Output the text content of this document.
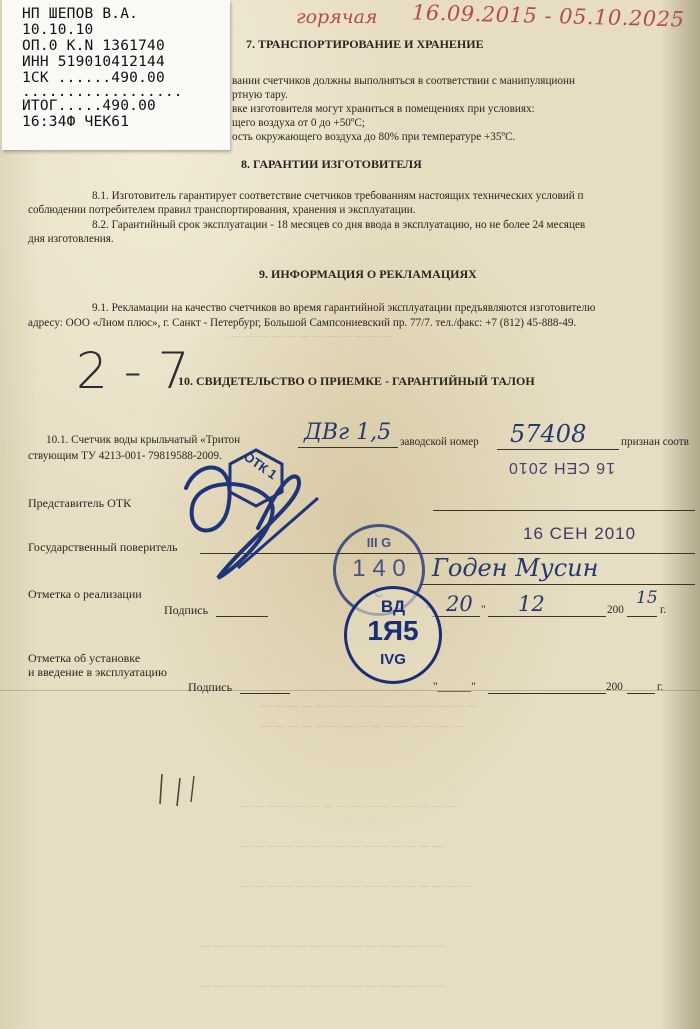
— — — — — — — — — — — —
— — — — — — — — — — — — — — — —
— — — — — — — — — — — — — — —
— — — — — — — — — — — — — — — —
— — — — — — — — — — — — — — —
— — — — — — — — — — — — — — — — —
— — — — — — — — — — — — — — — — — —
— — — — — — — — — — — — — — — — — —
горячая 16.09.2015 - 05.10.2025
7. ТРАНСПОРТИРОВАНИЕ И ХРАНЕНИЕ
вании счетчиков должны выполняться в соответствии с манипуляционн
ртную тару.
вке изготовителя могут храниться в помещениях при условиях:
щего воздуха от 0 до +50ºС;
ость окружающего воздуха до 80% при температуре +35ºС.
8. ГАРАНТИИ ИЗГОТОВИТЕЛЯ
8.1. Изготовитель гарантирует соответствие счетчиков требованиям настоящих технических условий п
соблюдении потребителем правил транспортирования, хранения и эксплуатации.
8.2. Гарантийный срок эксплуатации - 18 месяцев со дня ввода в эксплуатацию, но не более 24 месяцев
дня изготовления.
9. ИНФОРМАЦИЯ О РЕКЛАМАЦИЯХ
9.1. Рекламации на качество счетчиков во время гарантийной эксплуатации предъявляются изготовителю
адресу: ООО «Лиом плюс», г. Санкт - Петербург, Большой Сампсониевский пр. 77/7. тел./факс: +7 (812) 45-888-49.
10. СВИДЕТЕЛЬСТВО О ПРИЕМКЕ - ГАРАНТИЙНЫЙ ТАЛОН
2 - 7
10.1. Счетчик воды крыльчатый «Тритон	ДВг 1,5 заводской номер 57408	признан соотв
ствующим ТУ 4213-001- 79819588-2009.
16 СЕН 2010
16 СЕН 2010
Представитель ОТК
Государственный поверитель
Отметка о реализации
Годен Мусин
Подпись	20 " 12	200
15
г.
Отметка об установке
и введение в эксплуатацию
Подпись	"______"	200	г.
ОТК 1
III G
1 4 0
ВД
1Я5
IVG
НП ШЕПОВ В.А.
10.10.10
ОП.0 К.N 1361740
ИНН 519010412144
1СК ......490.00
..................
ИТОГ.....490.00
16:34Ф ЧЕК61
